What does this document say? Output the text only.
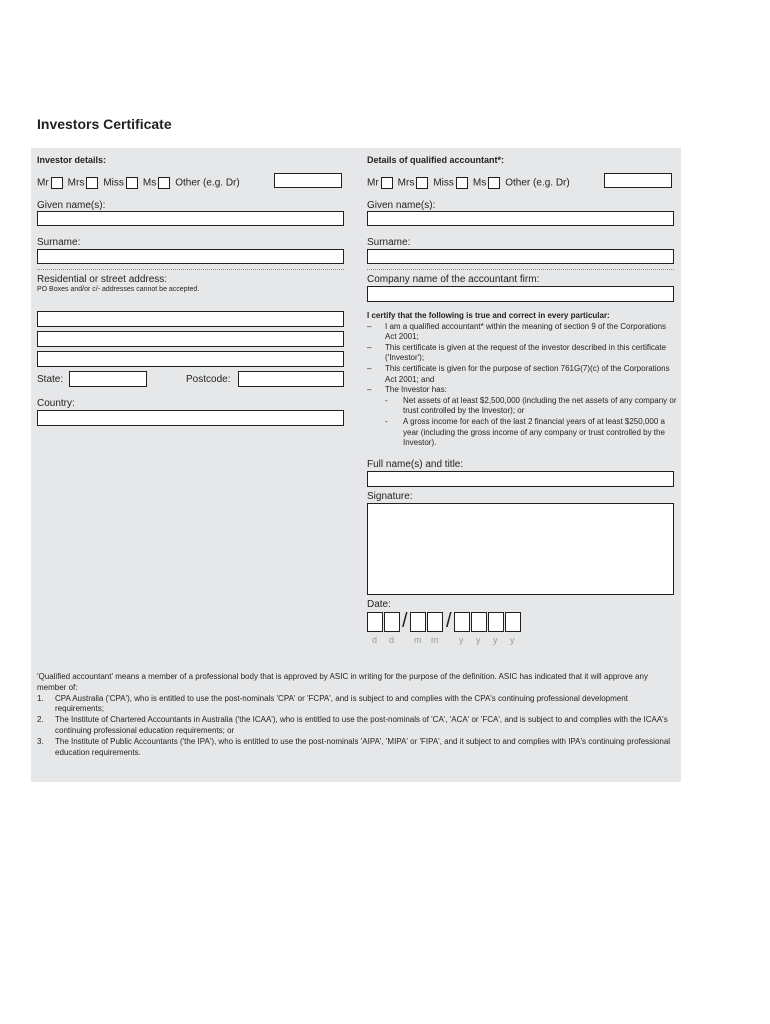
Investors Certificate
Investor details:
Mr Mrs Miss Ms Other (e.g. Dr)
Given name(s):
Surname:
Residential or street address:
PO Boxes and/or c/- addresses cannot be accepted.
State:	Postcode:
Country:
Details of qualified accountant*:
Mr Mrs Miss Ms Other (e.g. Dr)
Given name(s):
Surname:
Company name of the accountant firm:
I certify that the following is true and correct in every particular:
– I am a qualified accountant* within the meaning of section 9 of the Corporations Act 2001;
– This certificate is given at the request of the investor described in this certificate ('Investor');
– This certificate is given for the purpose of section 761G(7)(c) of the Corporations Act 2001; and
– The Investor has:
- Net assets of at least $2,500,000 (including the net assets of any company or trust controlled by the Investor); or
- A gross income for each of the last 2 financial years of at least $250,000 a year (including the gross income of any company or trust controlled by the Investor).
Full name(s) and title:
Signature:
Date:
/ /
d d m m y y y y
'Qualified accountant' means a member of a professional body that is approved by ASIC in writing for the purpose of the definition. ASIC has indicated that it will approve any member of:
1. CPA Australia ('CPA'), who is entitled to use the post-nominals 'CPA' or 'FCPA', and is subject to and complies with the CPA's continuing professional development requirements;
2. The Institute of Chartered Accountants in Australia ('the ICAA'), who is entitled to use the post-nominals of 'CA', 'ACA' or 'FCA', and is subject to and complies with the ICAA's continuing professional education requirements; or
3. The Institute of Public Accountants ('the IPA'), who is entitled to use the post-nominals 'AIPA', 'MIPA' or 'FIPA', and it subject to and complies with IPA's continuing professional education requirements.
